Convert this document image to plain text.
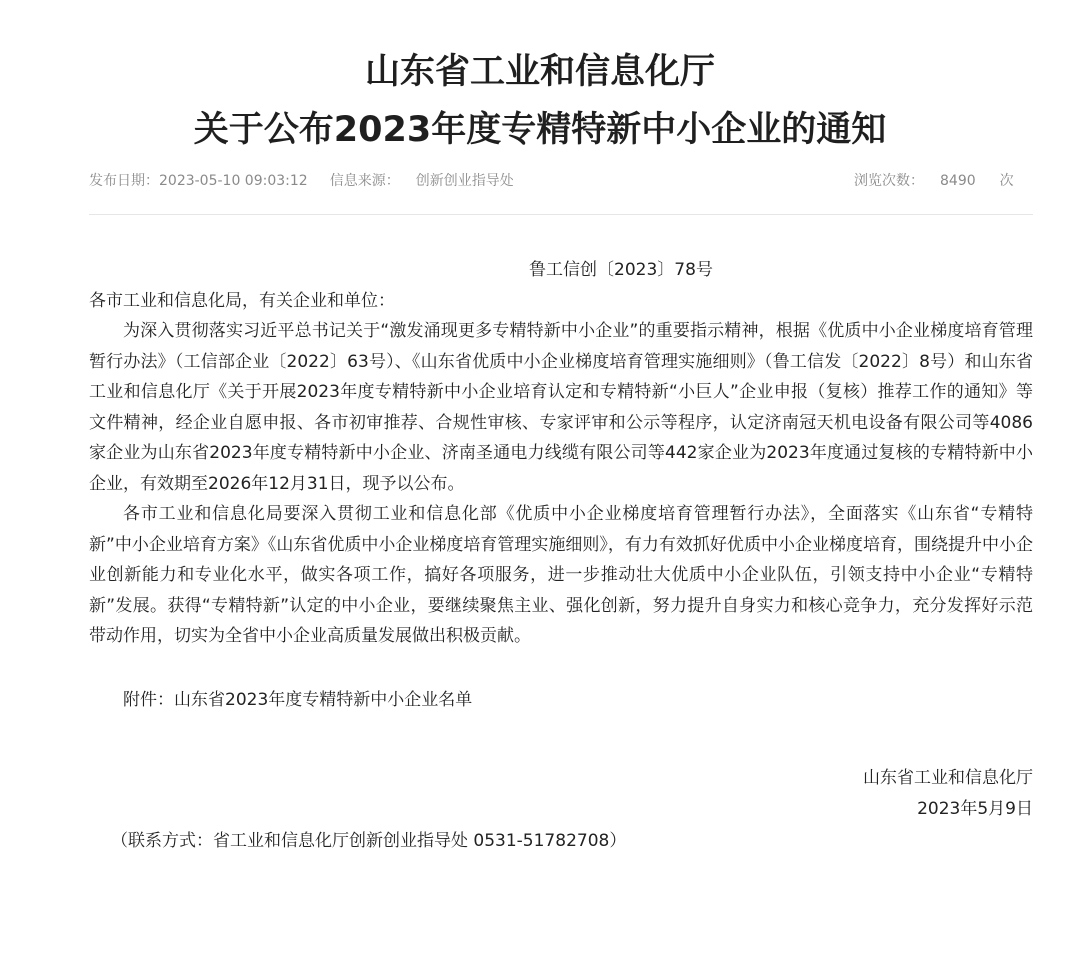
山东省工业和信息化厅
关于公布2023年度专精特新中小企业的通知
发布日期：2023-05-10 09:03:12 信息来源： 创新创业指导处	浏览次数： 8490 次

鲁工信创〔2023〕78号

各市工业和信息化局，有关企业和单位：

为深入贯彻落实习近平总书记关于“激发涌现更多专精特新中小企业”的重要指示精神，根据《优质中小企业梯度培育管理暂行办法》（工信部企业〔2022〕63号）、《山东省优质中小企业梯度培育管理实施细则》（鲁工信发〔2022〕8号）和山东省工业和信息化厅《关于开展2023年度专精特新中小企业培育认定和专精特新“小巨人”企业申报（复核）推荐工作的通知》等文件精神，经企业自愿申报、各市初审推荐、合规性审核、专家评审和公示等程序，认定济南冠天机电设备有限公司等4086家企业为山东省2023年度专精特新中小企业、济南圣通电力线缆有限公司等442家企业为2023年度通过复核的专精特新中小企业，有效期至2026年12月31日，现予以公布。

各市工业和信息化局要深入贯彻工业和信息化部《优质中小企业梯度培育管理暂行办法》，全面落实《山东省“专精特新”中小企业培育方案》《山东省优质中小企业梯度培育管理实施细则》，有力有效抓好优质中小企业梯度培育，围绕提升中小企业创新能力和专业化水平，做实各项工作，搞好各项服务，进一步推动壮大优质中小企业队伍，引领支持中小企业“专精特新”发展。获得“专精特新”认定的中小企业，要继续聚焦主业、强化创新，努力提升自身实力和核心竞争力，充分发挥好示范带动作用，切实为全省中小企业高质量发展做出积极贡献。

附件：山东省2023年度专精特新中小企业名单

山东省工业和信息化厅

2023年5月9日

（联系方式：省工业和信息化厅创新创业指导处 0531-51782708）
